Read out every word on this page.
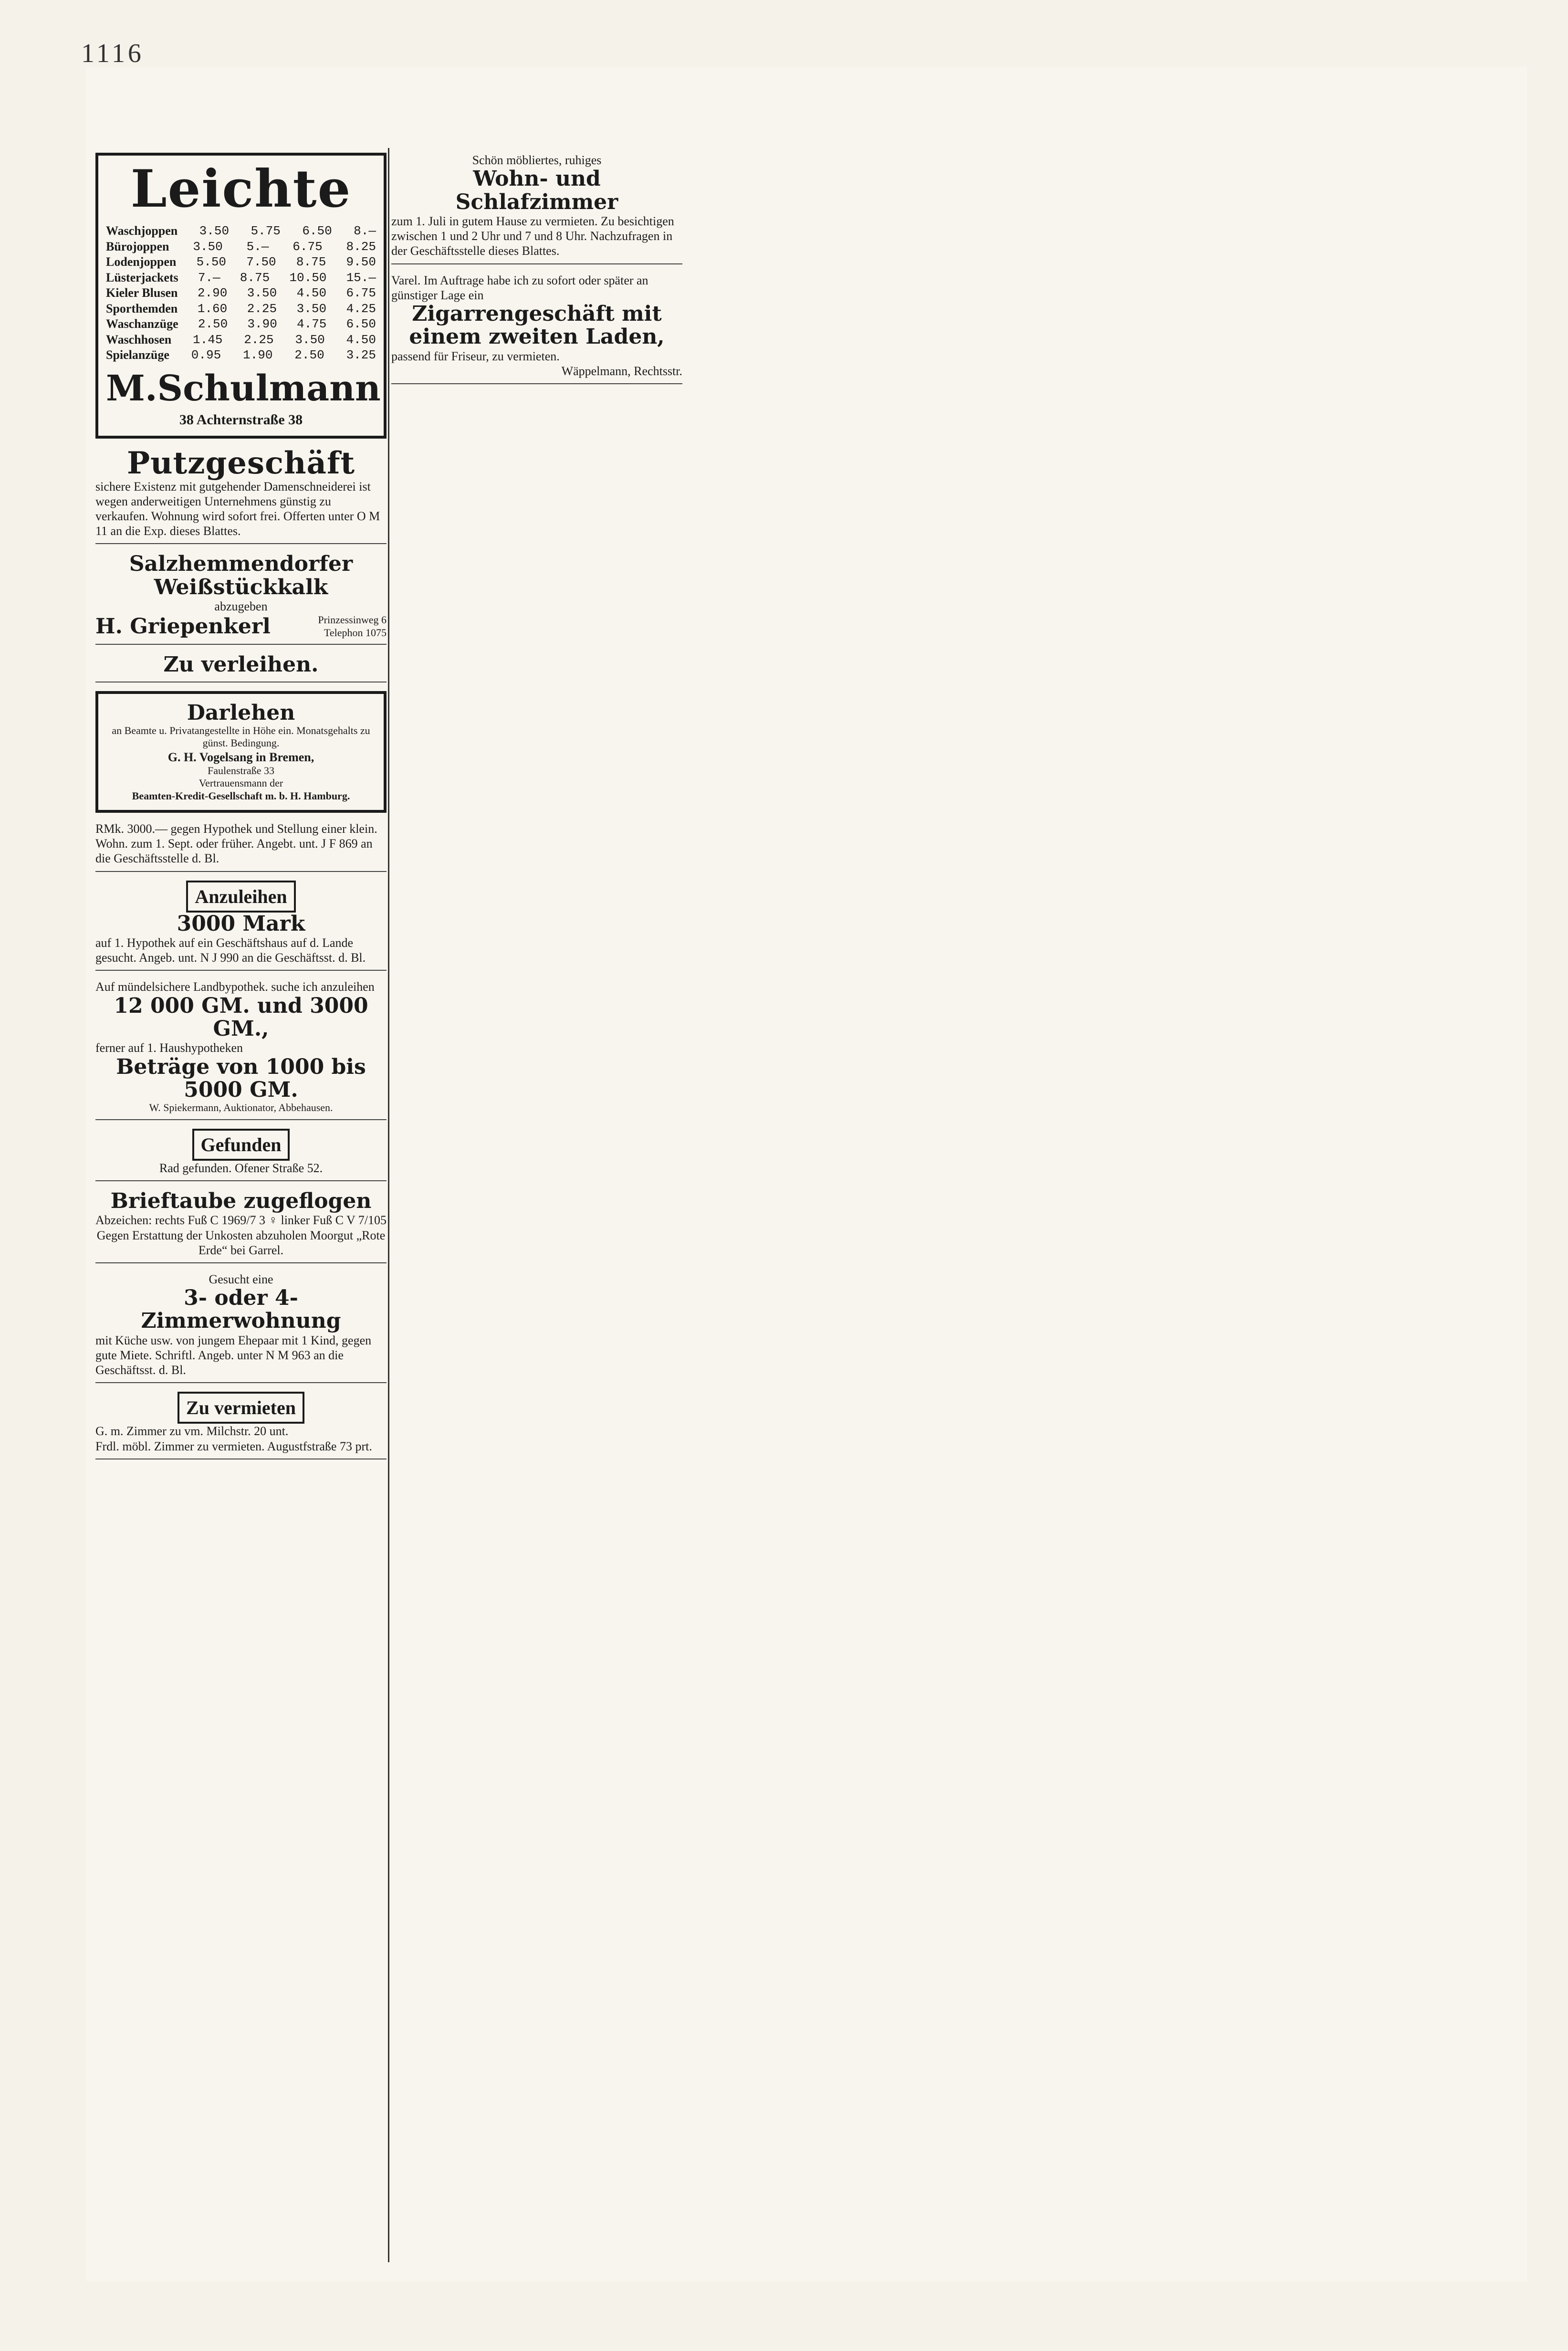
1116
Leichte
Waschjoppen 3.50 5.75 6.50 8.—
Bürojoppen 3.50 5.— 6.75 8.25
Lodenjoppen 5.50 7.50 8.75 9.50
Lüsterjackets 7.— 8.75 10.50 15.—
Kieler Blusen 2.90 3.50 4.50 6.75
Sporthemden 1.60 2.25 3.50 4.25
Waschanzüge 2.50 3.90 4.75 6.50
Waschhosen 1.45 2.25 3.50 4.50
Spielanzüge 0.95 1.90 2.50 3.25
M.Schulmann
38 Achternstraße 38
Putzgeschäft
sichere Existenz mit gutgehender Damenschneiderei ist wegen anderweitigen Unternehmens günstig zu verkaufen. Wohnung wird sofort frei. Offerten unter O M 11 an die Exp. dieses Blattes.
Salzhemmendorfer Weißstückkalk
abzugeben
H. Griepenkerl	Prinzessinweg 6 Telephon 1075
Zu verleihen.
Darlehen
an Beamte u. Privatangestellte in Höhe ein. Monatsgehalts zu günst. Bedingung.
G. H. Vogelsang in Bremen,
Faulenstraße 33
Vertrauensmann der
Beamten-Kredit-Gesellschaft m. b. H. Hamburg.
RMk. 3000.— gegen Hypothek und Stellung einer klein. Wohn. zum 1. Sept. oder früher. Angebt. unt. J F 869 an die Geschäftsstelle d. Bl.
Anzuleihen
3000 Mark
auf 1. Hypothek auf ein Geschäftshaus auf d. Lande gesucht. Angeb. unt. N J 990 an die Geschäftsst. d. Bl.
Auf mündelsichere Landbypothek. suche ich anzuleihen
12 000 GM. und 3000 GM.,
ferner auf 1. Haushypotheken
Beträge von 1000 bis 5000 GM.
W. Spiekermann, Auktionator, Abbehausen.
Gefunden
Rad gefunden. Ofener Straße 52.
Brieftaube zugeflogen
Abzeichen: rechts Fuß C 1969/7 3 ♀ linker Fuß C V 7/105 Gegen Erstattung der Unkosten abzuholen Moorgut „Rote Erde“ bei Garrel.
Gesucht eine
3- oder 4-Zimmerwohnung
mit Küche usw. von jungem Ehepaar mit 1 Kind, gegen gute Miete. Schriftl. Angeb. unter N M 963 an die Geschäftsst. d. Bl.
Zu vermieten
G. m. Zimmer zu vm. Milchstr. 20 unt.
Frdl. möbl. Zimmer zu vermieten. Augustfstraße 73 prt.
Schön möbliertes, ruhiges
Wohn- und Schlafzimmer
zum 1. Juli in gutem Hause zu vermieten. Zu besichtigen zwischen 1 und 2 Uhr und 7 und 8 Uhr. Nachzufragen in der Geschäftsstelle dieses Blattes.
Varel. Im Auftrage habe ich zu sofort oder später an günstiger Lage ein
Zigarrengeschäft mit einem zweiten Laden,
passend für Friseur, zu vermieten.
Wäppelmann, Rechtsstr.
